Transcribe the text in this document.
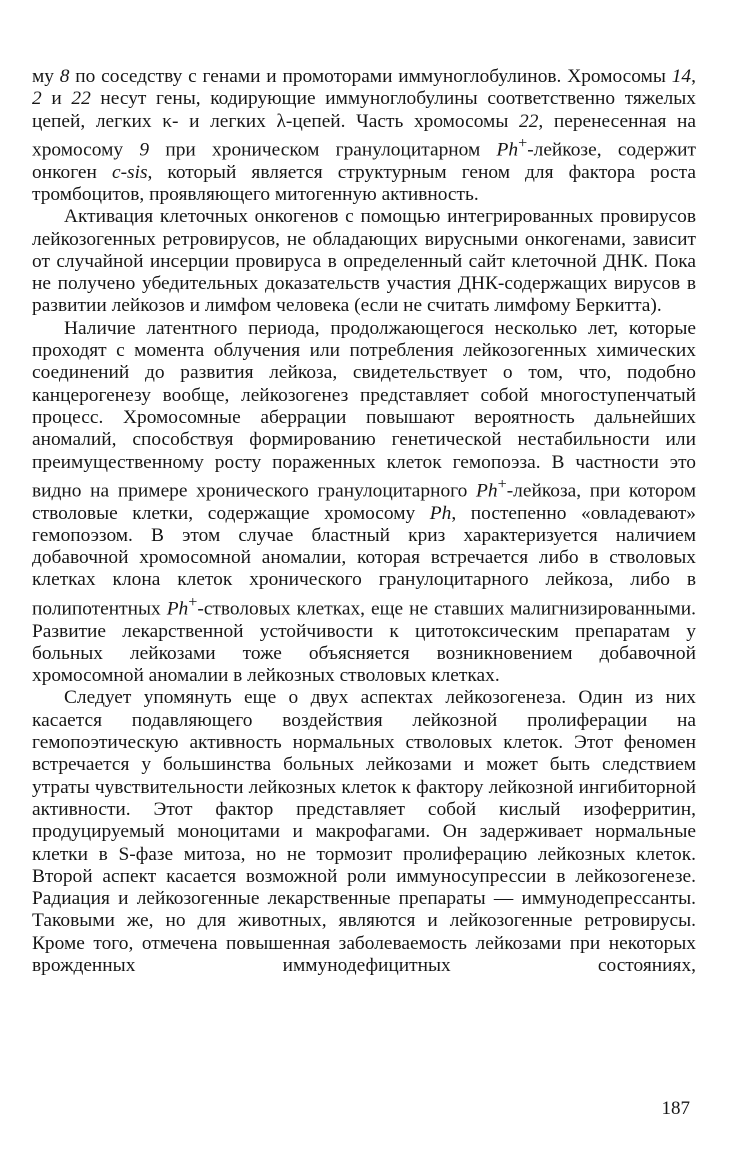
му 8 по соседству с генами и промоторами иммуноглобулинов. Хромосомы 14, 2 и 22 несут гены, кодирующие иммуноглобулины соответственно тяжелых цепей, легких κ- и легких λ-цепей. Часть хромосомы 22, перенесенная на хромосому 9 при хроническом гранулоцитарном Ph+-лейкозе, содержит онкоген c-sis, который является структурным геном для фактора роста тромбоцитов, проявляющего митогенную активность.

Активация клеточных онкогенов с помощью интегрированных провирусов лейкозогенных ретровирусов, не обладающих вирусными онкогенами, зависит от случайной инсерции провируса в определенный сайт клеточной ДНК. Пока не получено убедительных доказательств участия ДНК-содержащих вирусов в развитии лейкозов и лимфом человека (если не считать лимфому Беркитта).

Наличие латентного периода, продолжающегося несколько лет, которые проходят с момента облучения или потребления лейкозогенных химических соединений до развития лейкоза, свидетельствует о том, что, подобно канцерогенезу вообще, лейкозогенез представляет собой многоступенчатый процесс. Хромосомные аберрации повышают вероятность дальнейших аномалий, способствуя формированию генетической нестабильности или преимущественному росту пораженных клеток гемопоэза. В частности это видно на примере хронического гранулоцитарного Ph+-лейкоза, при котором стволовые клетки, содержащие хромосому Ph, постепенно «овладевают» гемопоэзом. В этом случае бластный криз характеризуется наличием добавочной хромосомной аномалии, которая встречается либо в стволовых клетках клона клеток хронического гранулоцитарного лейкоза, либо в полипотентных Ph+-стволовых клетках, еще не ставших малигнизированными. Развитие лекарственной устойчивости к цитотоксическим препаратам у больных лейкозами тоже объясняется возникновением добавочной хромосомной аномалии в лейкозных стволовых клетках.

Следует упомянуть еще о двух аспектах лейкозогенеза. Один из них касается подавляющего воздействия лейкозной пролиферации на гемопоэтическую активность нормальных стволовых клеток. Этот феномен встречается у большинства больных лейкозами и может быть следствием утраты чувствительности лейкозных клеток к фактору лейкозной ингибиторной активности. Этот фактор представляет собой кислый изоферритин, продуцируемый моноцитами и макрофагами. Он задерживает нормальные клетки в S-фазе митоза, но не тормозит пролиферацию лейкозных клеток. Второй аспект касается возможной роли иммуносупрессии в лейкозогенезе. Радиация и лейкозогенные лекарственные препараты — иммунодепрессанты. Таковыми же, но для животных, являются и лейкозогенные ретровирусы. Кроме того, отмечена повышенная заболеваемость лейкозами при некоторых врожденных иммунодефицитных состояниях,

187
